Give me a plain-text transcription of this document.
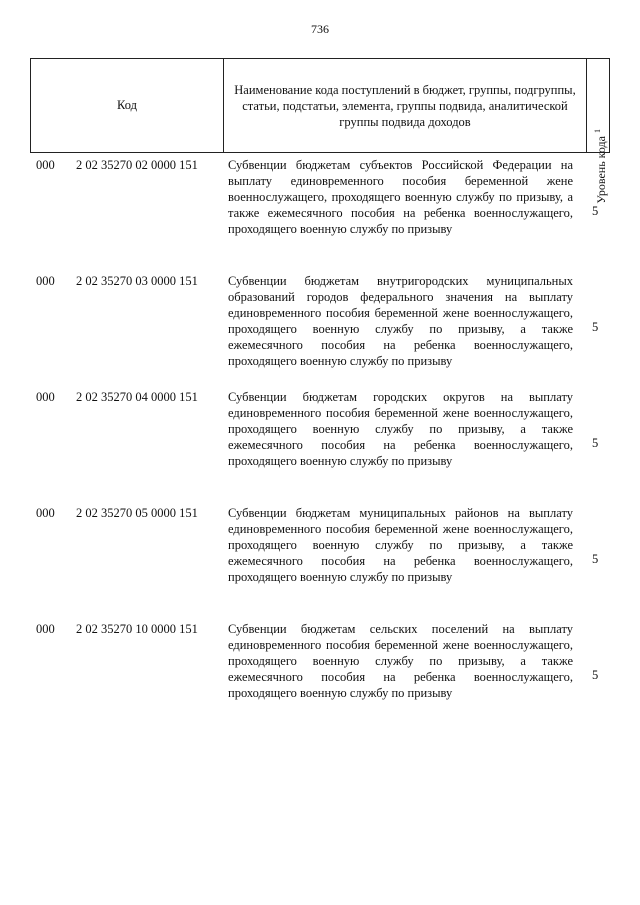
736
Код
Наименование кода поступлений в бюджет, группы, подгруппы, статьи, подстатьи, элемента, группы подвида, аналитической группы подвида доходов
Уровень кода $^1$
000 2 02 35270 02 0000 151 Субвенции бюджетам субъектов Российской Федерации на выплату единовременного пособия беременной жене военнослужащего, проходящего военную службу по призыву, а также ежемесячного пособия на ребенка военнослужащего, проходящего военную службу по призыву
5
000 2 02 35270 03 0000 151 Субвенции бюджетам внутригородских муниципальных образований городов федерального значения на выплату единовременного пособия беременной жене военнослужащего, проходящего военную службу по призыву, а также ежемесячного пособия на ребенка военнослужащего, проходящего военную службу по призыву
5
000 2 02 35270 04 0000 151 Субвенции бюджетам городских округов на выплату единовременного пособия беременной жене военнослужащего, проходящего военную службу по призыву, а также ежемесячного пособия на ребенка военнослужащего, проходящего военную службу по призыву
5
000 2 02 35270 05 0000 151 Субвенции бюджетам муниципальных районов на выплату единовременного пособия беременной жене военнослужащего, проходящего военную службу по призыву, а также ежемесячного пособия на ребенка военнослужащего, проходящего военную службу по призыву
5
000 2 02 35270 10 0000 151 Субвенции бюджетам сельских поселений на выплату единовременного пособия беременной жене военнослужащего, проходящего военную службу по призыву, а также ежемесячного пособия на ребенка военнослужащего, проходящего военную службу по призыву
5
